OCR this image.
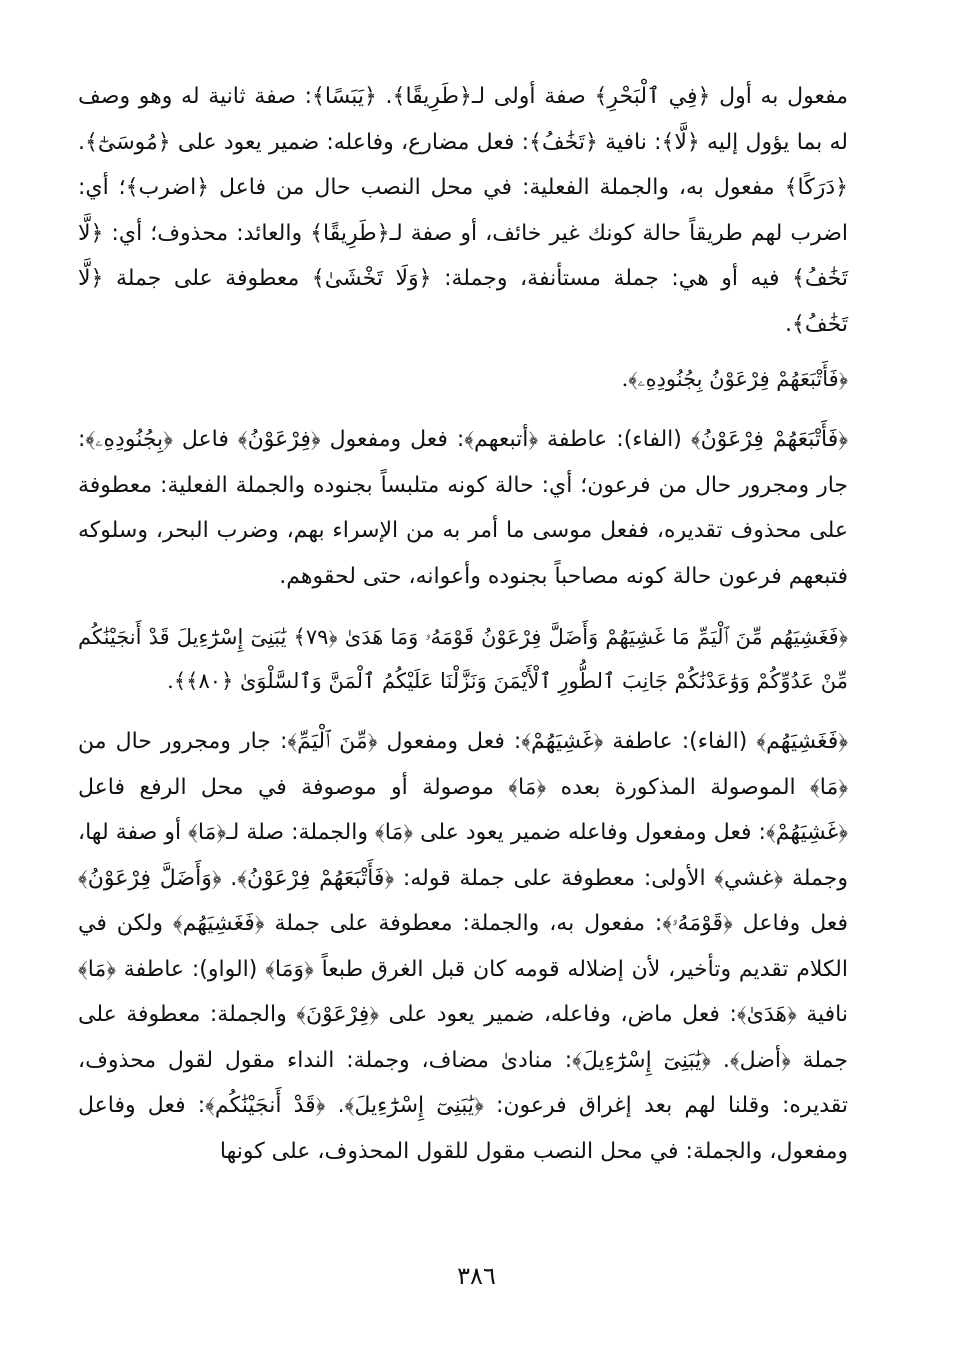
مفعول به أول ﴿فِي ٱلْبَحْرِ﴾ صفة أولى لـ﴿طَرِيقًا﴾. ﴿يَبَسًا﴾: صفة ثانية له وهو وصف له بما يؤول إليه ﴿لَّا﴾: نافية ﴿تَخَٰفُ﴾: فعل مضارع، وفاعله: ضمير يعود على ﴿مُوسَىٰٓ﴾. ﴿دَرَكًا﴾ مفعول به، والجملة الفعلية: في محل النصب حال من فاعل ﴿اضرب﴾؛ أي: اضرب لهم طريقاً حالة كونك غير خائف، أو صفة لـ﴿طَرِيقًا﴾ والعائد: محذوف؛ أي: ﴿لَّا تَخَٰفُ﴾ فيه أو هي: جملة مستأنفة، وجملة: ﴿وَلَا تَخْشَىٰ﴾ معطوفة على جملة ﴿لَّا تَخَٰفُ﴾.

﴿فَأَتْبَعَهُمْ فِرْعَوْنُ بِجُنُودِهِۦ﴾.

﴿فَأَتْبَعَهُمْ فِرْعَوْنُ﴾ (الفاء): عاطفة ﴿أتبعهم﴾: فعل ومفعول ﴿فِرْعَوْنُ﴾ فاعل ﴿بِجُنُودِهِۦ﴾: جار ومجرور حال من فرعون؛ أي: حالة كونه متلبساً بجنوده والجملة الفعلية: معطوفة على محذوف تقديره، ففعل موسى ما أمر به من الإسراء بهم، وضرب البحر، وسلوكه فتبعهم فرعون حالة كونه مصاحباً بجنوده وأعوانه، حتى لحقوهم.

﴿فَغَشِيَهُم مِّنَ ٱلْيَمِّ مَا غَشِيَهُمْ وَأَضَلَّ فِرْعَوْنُ قَوْمَهُۥ وَمَا هَدَىٰ ﴿٧٩﴾ يَٰبَنِىٓ إِسْرَٰٓءِيلَ قَدْ أَنجَيْنَٰكُم مِّنْ عَدُوِّكُمْ وَوَٰعَدْنَٰكُمْ جَانِبَ ٱلطُّورِ ٱلْأَيْمَنَ وَنَزَّلْنَا عَلَيْكُمُ ٱلْمَنَّ وَٱلسَّلْوَىٰ ﴿٨٠﴾﴾.

﴿فَغَشِيَهُم﴾ (الفاء): عاطفة ﴿غَشِيَهُمْ﴾: فعل ومفعول ﴿مِّنَ ٱلْيَمِّ﴾: جار ومجرور حال من ﴿مَا﴾ الموصولة المذكورة بعده ﴿مَا﴾ موصولة أو موصوفة في محل الرفع فاعل ﴿غَشِيَهُمْ﴾: فعل ومفعول وفاعله ضمير يعود على ﴿مَا﴾ والجملة: صلة لـ﴿مَا﴾ أو صفة لها، وجملة ﴿غشي﴾ الأولى: معطوفة على جملة قوله: ﴿فَأَتْبَعَهُمْ فِرْعَوْنُ﴾. ﴿وَأَضَلَّ فِرْعَوْنُ﴾ فعل وفاعل ﴿قَوْمَهُۥ﴾: مفعول به، والجملة: معطوفة على جملة ﴿فَغَشِيَهُم﴾ ولكن في الكلام تقديم وتأخير، لأن إضلاله قومه كان قبل الغرق طبعاً ﴿وَمَا﴾ (الواو): عاطفة ﴿مَا﴾ نافية ﴿هَدَىٰ﴾: فعل ماض، وفاعله، ضمير يعود على ﴿فِرْعَوْنَ﴾ والجملة: معطوفة على جملة ﴿أضل﴾. ﴿يَٰبَنِىٓ إِسْرَٰٓءِيلَ﴾: منادىٰ مضاف، وجملة: النداء مقول لقول محذوف، تقديره: وقلنا لهم بعد إغراق فرعون: ﴿يَٰبَنِىٓ إِسْرَٰٓءِيلَ﴾. ﴿قَدْ أَنجَيْنَٰكُم﴾: فعل وفاعل ومفعول، والجملة: في محل النصب مقول للقول المحذوف، على كونها

٣٨٦
